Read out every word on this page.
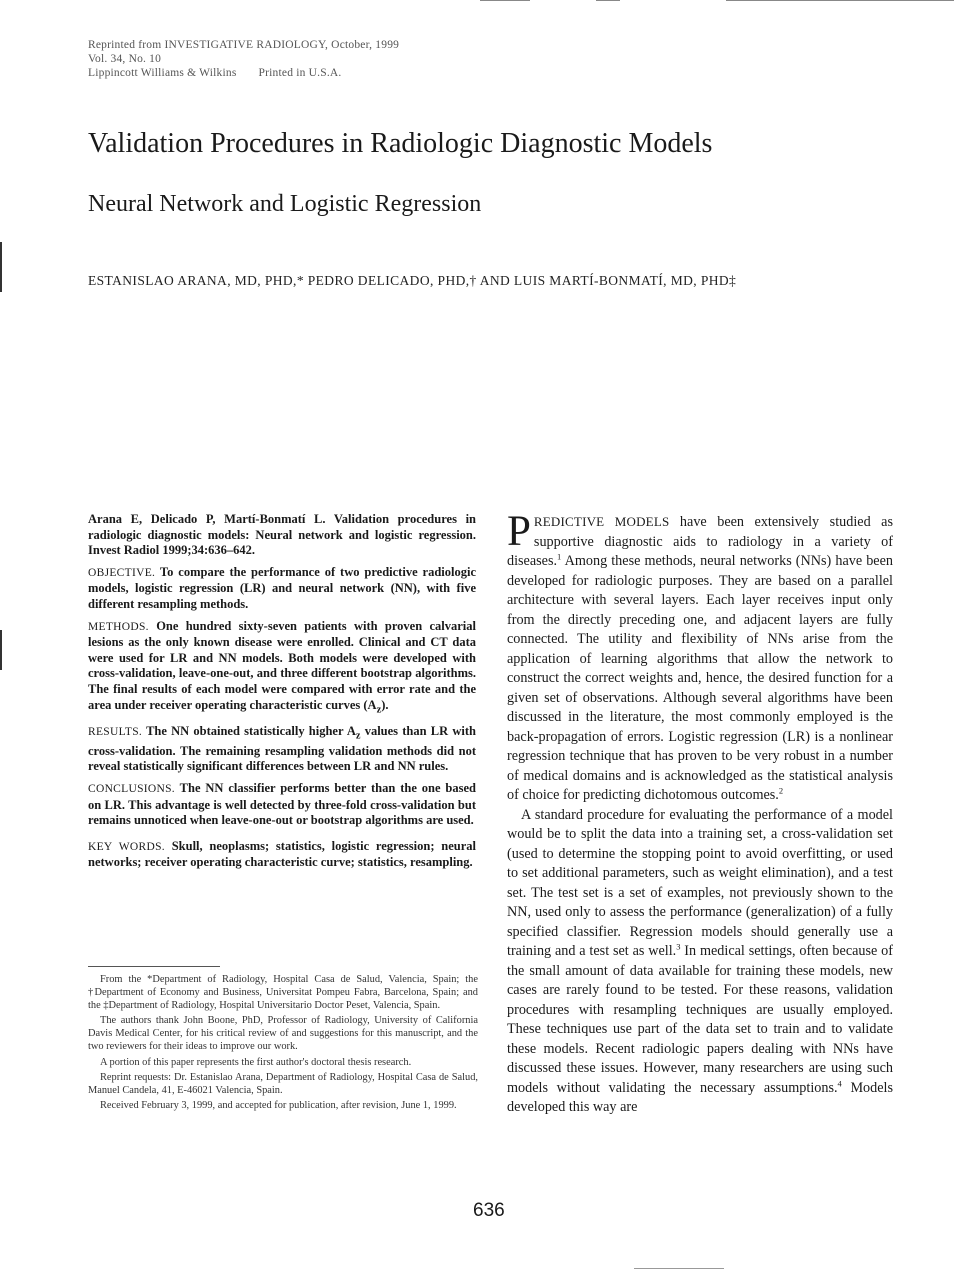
Reprinted from INVESTIGATIVE RADIOLOGY, October, 1999
Vol. 34, No. 10
Lippincott Williams & Wilkins Printed in U.S.A.
Validation Procedures in Radiologic Diagnostic Models
Neural Network and Logistic Regression
ESTANISLAO ARANA, MD, PHD,* PEDRO DELICADO, PHD,† AND LUIS MARTÍ-BONMATÍ, MD, PHD‡

Arana E, Delicado P, Martí-Bonmatí L. Validation procedures in radiologic diagnostic models: Neural network and logistic regression. Invest Radiol 1999;34:636–642.

OBJECTIVE. To compare the performance of two predictive radiologic models, logistic regression (LR) and neural network (NN), with five different resampling methods.

METHODS. One hundred sixty-seven patients with proven calvarial lesions as the only known disease were enrolled. Clinical and CT data were used for LR and NN models. Both models were developed with cross-validation, leave-one-out, and three different bootstrap algorithms. The final results of each model were compared with error rate and the area under receiver operating characteristic curves $(A_z)$.

RESULTS. The NN obtained statistically higher $A_z$ values than LR with cross-validation. The remaining resampling validation methods did not reveal statistically significant differences between LR and NN rules.

CONCLUSIONS. The NN classifier performs better than the one based on LR. This advantage is well detected by three-fold cross-validation but remains unnoticed when leave-one-out or bootstrap algorithms are used.

KEY WORDS. Skull, neoplasms; statistics, logistic regression; neural networks; receiver operating characteristic curve; statistics, resampling.

From the *Department of Radiology, Hospital Casa de Salud, Valencia, Spain; the †Department of Economy and Business, Universitat Pompeu Fabra, Barcelona, Spain; and the ‡Department of Radiology, Hospital Universitario Doctor Peset, Valencia, Spain.

The authors thank John Boone, PhD, Professor of Radiology, University of California Davis Medical Center, for his critical review of and suggestions for this manuscript, and the two reviewers for their ideas to improve our work.

A portion of this paper represents the first author's doctoral thesis research.

Reprint requests: Dr. Estanislao Arana, Department of Radiology, Hospital Casa de Salud, Manuel Candela, 41, E-46021 Valencia, Spain.

Received February 3, 1999, and accepted for publication, after revision, June 1, 1999.

PREDICTIVE MODELS have been extensively studied as supportive diagnostic aids to radiology in a variety of diseases.$^1$ Among these methods, neural networks (NNs) have been developed for radiologic purposes. They are based on a parallel architecture with several layers. Each layer receives input only from the directly preceding one, and adjacent layers are fully connected. The utility and flexibility of NNs arise from the application of learning algorithms that allow the network to construct the correct weights and, hence, the desired function for a given set of observations. Although several algorithms have been discussed in the literature, the most commonly employed is the back-propagation of errors. Logistic regression (LR) is a nonlinear regression technique that has proven to be very robust in a number of medical domains and is acknowledged as the statistical analysis of choice for predicting dichotomous outcomes.$^2$

A standard procedure for evaluating the performance of a model would be to split the data into a training set, a cross-validation set (used to determine the stopping point to avoid overfitting, or used to set additional parameters, such as weight elimination), and a test set. The test set is a set of examples, not previously shown to the NN, used only to assess the performance (generalization) of a fully specified classifier. Regression models should generally use a training and a test set as well.$^3$ In medical settings, often because of the small amount of data available for training these models, new cases are rarely found to be tested. For these reasons, validation procedures with resampling techniques are usually employed. These techniques use part of the data set to train and to validate these models. Recent radiologic papers dealing with NNs have discussed these issues. However, many researchers are using such models without validating the necessary assumptions.$^4$ Models developed this way are

636
